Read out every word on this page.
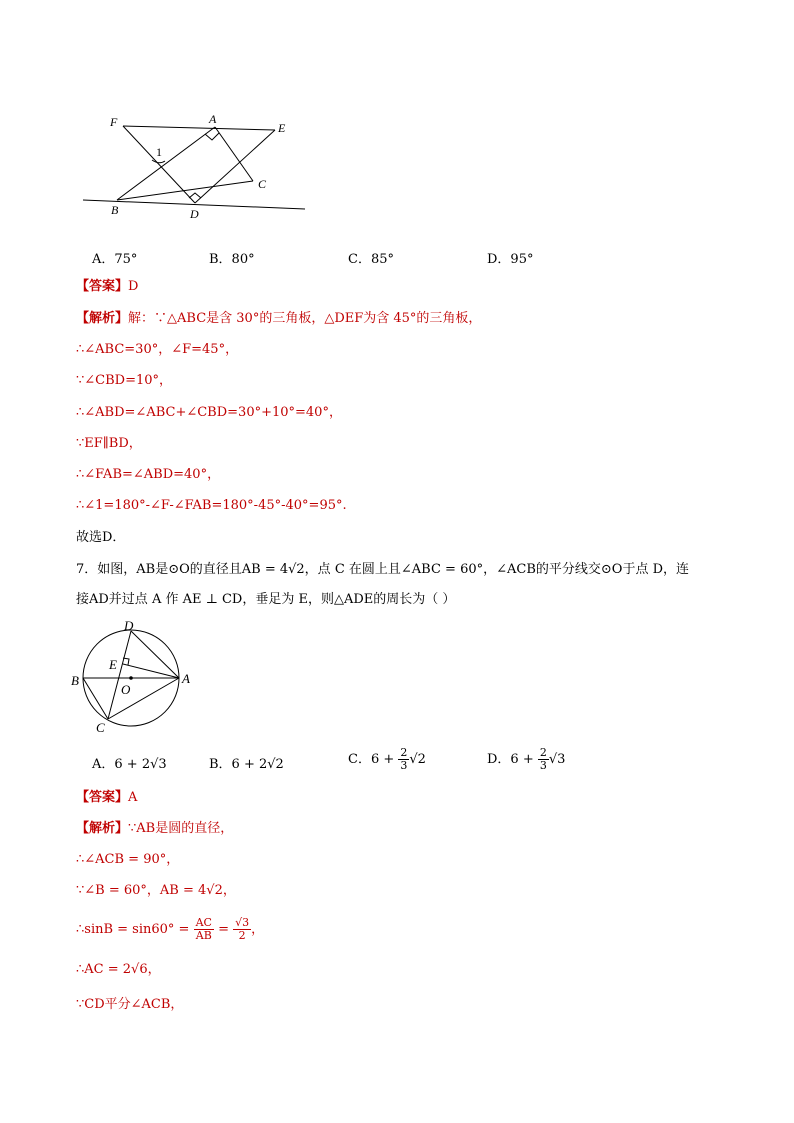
F	A
E
1
C
B	D
A．75°	B．80°	C．85°	D．95°
【答案】D
【解析】解：∵△ABC是含 30°的三角板，△DEF为含 45°的三角板，
∴∠ABC=30°，∠F=45°，
∵∠CBD=10°，
∴∠ABD=∠ABC+∠CBD=30°+10°=40°，
∵EF∥BD，
∴∠FAB=∠ABD=40°，
∴∠1=180°-∠F-∠FAB=180°-45°-40°=95°.
故选D．
7．如图，AB是⊙O的直径且AB = 4√2，点 C 在圆上且∠ABC = 60°，∠ACB的平分线交⊙O于点 D，连
接AD并过点 A 作 AE ⊥ CD，垂足为 E，则△ADE的周长为（ ）
D
E
B
O
A
C
A．6 + 2√3	B．6 + 2√2	C．$6 + \frac{2}{3} √2$	D．$6 + \frac{2}{3} √3$
【答案】A
【解析】∵AB是圆的直径，
∴∠ACB = 90°，
∵∠B = 60°，AB = 4√2，
∴sinB = $\sin 60^\circ = \frac{AC}{AB} = \frac{√3}{2}$ ，
∴AC = 2√6，
∵CD平分∠ACB，
